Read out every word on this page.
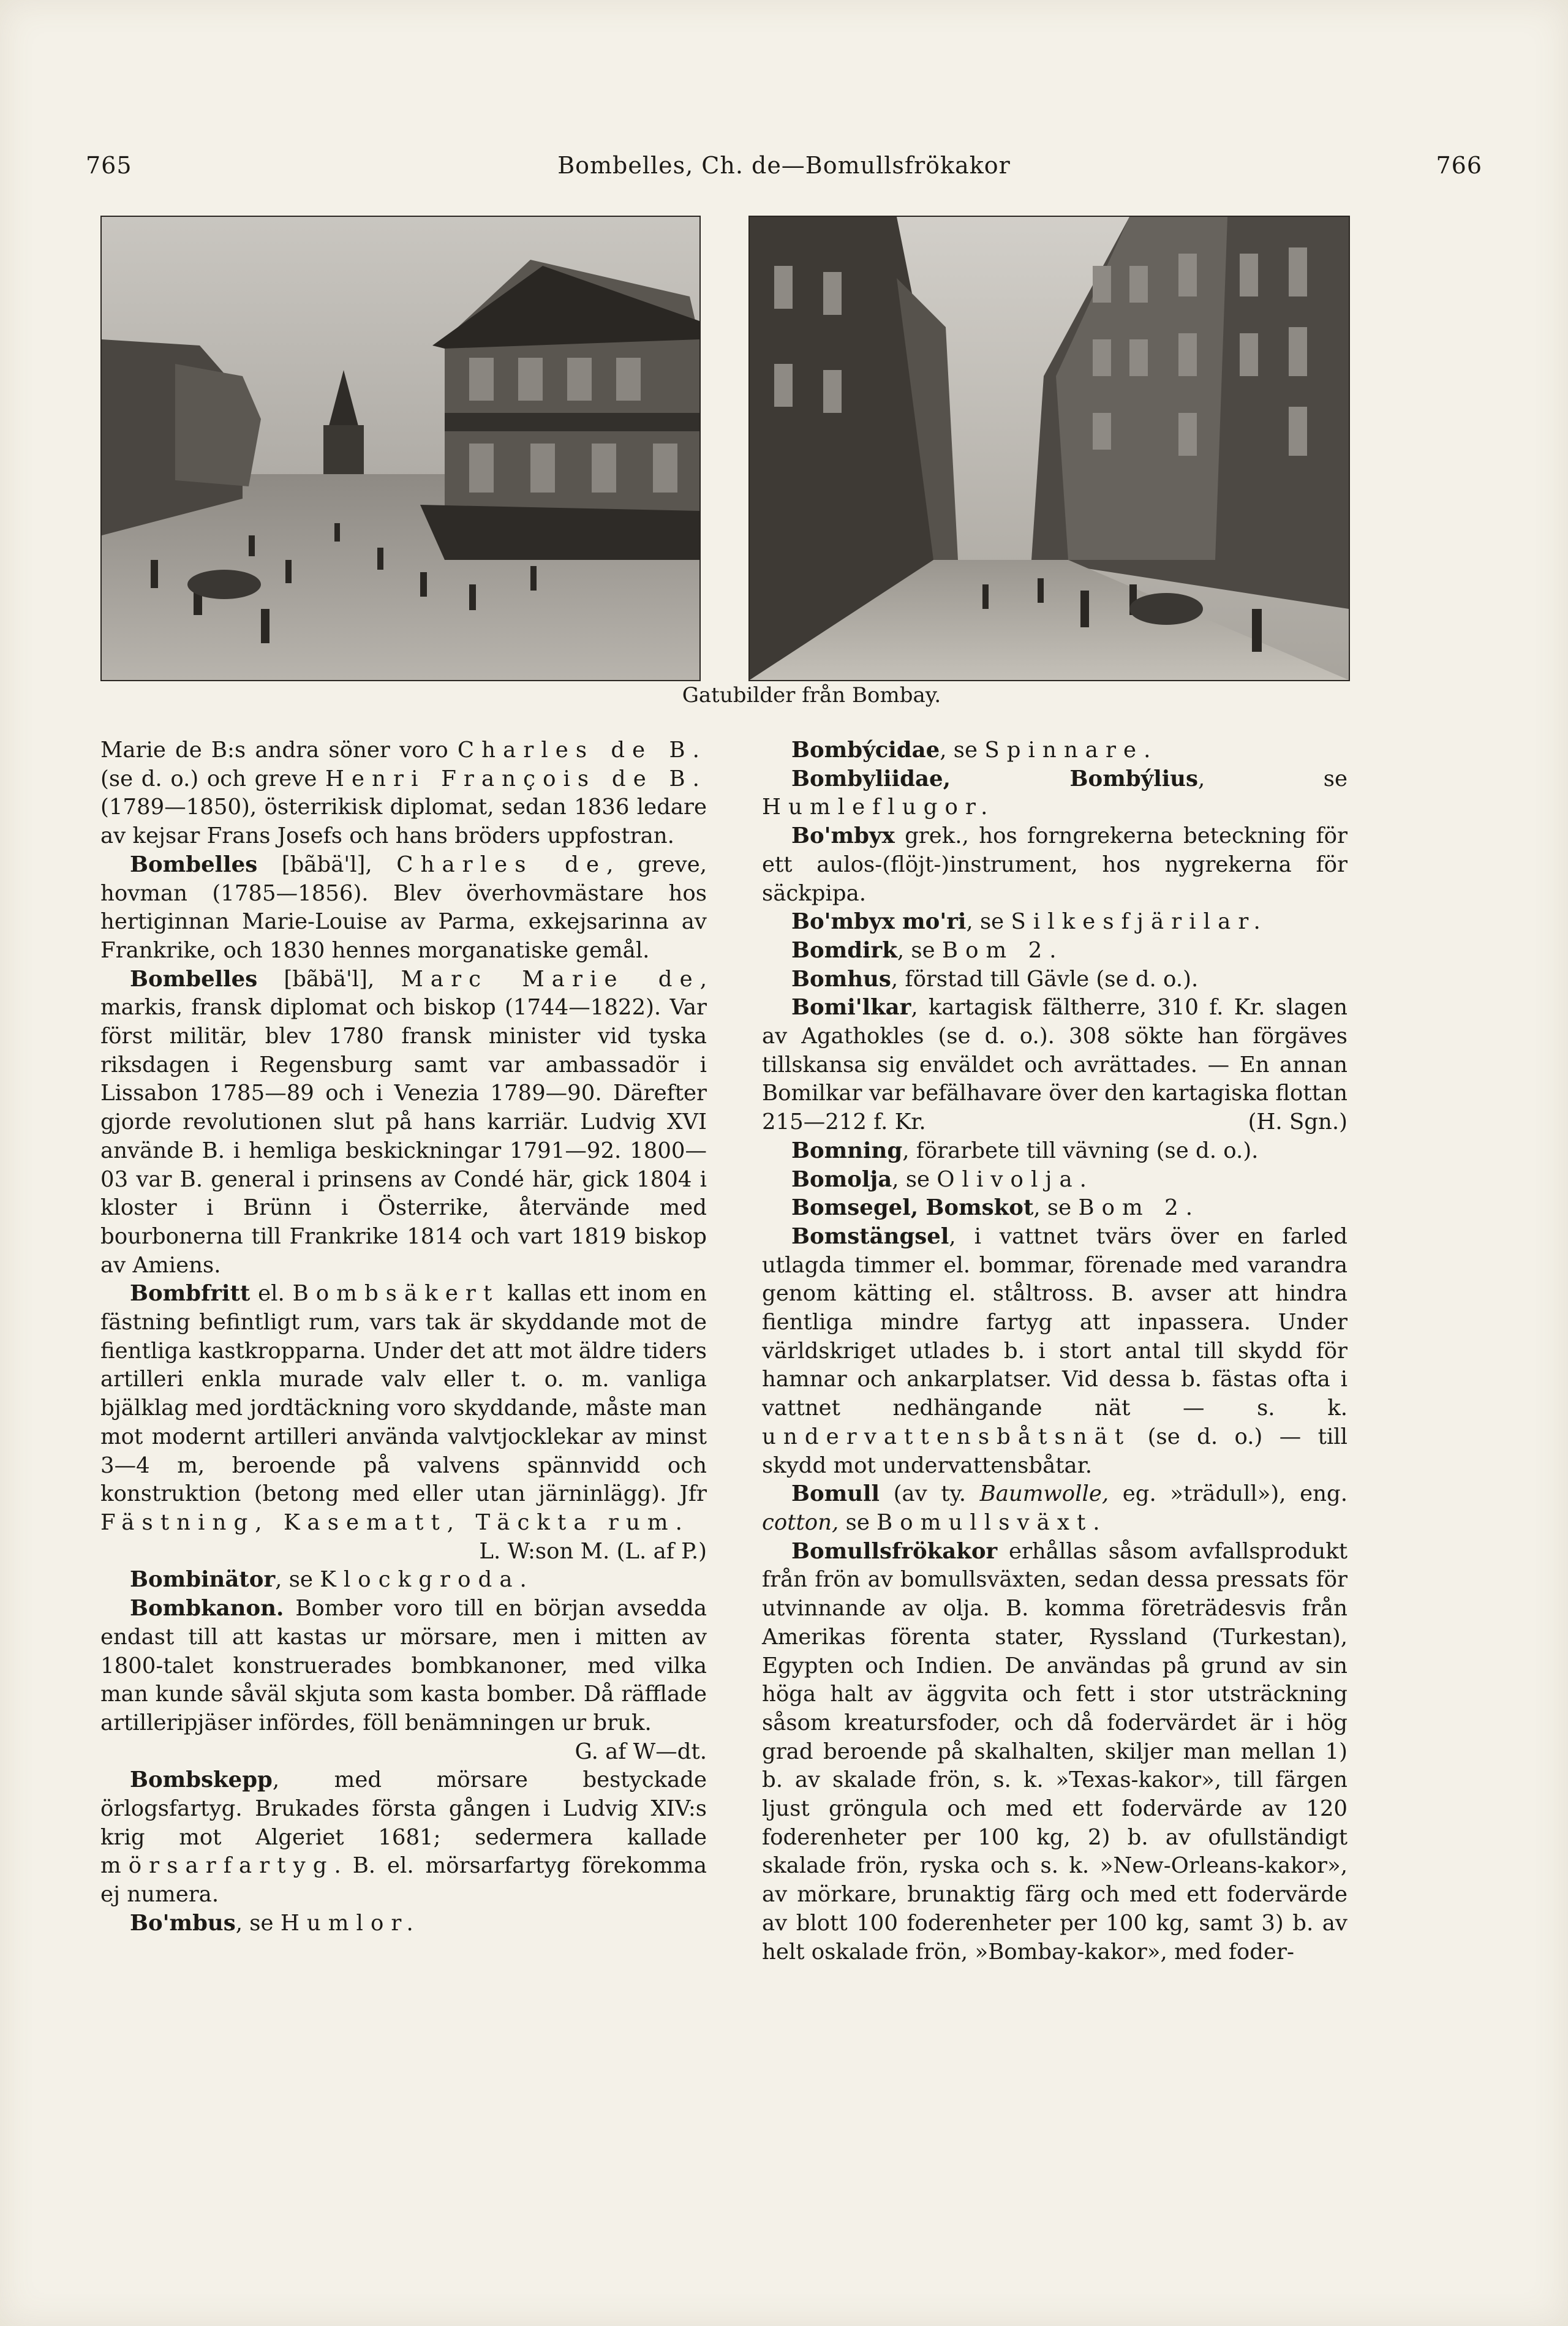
765	Bombelles, Ch. de—Bomullsfrökakor	766
Gatubilder från Bombay.

Marie de B:s andra söner voro Charles de B. (se d. o.) och greve Henri François de B. (1789—1850), österrikisk diplomat, sedan 1836 ledare av kejsar Frans Josefs och hans bröders uppfostran.

Bombelles [bãbä'l], Charles de, greve, hovman (1785—1856). Blev överhovmästare hos hertiginnan Marie-Louise av Parma, exkejsarinna av Frankrike, och 1830 hennes morganatiske gemål.

Bombelles [bãbä'l], Marc Marie de, markis, fransk diplomat och biskop (1744—1822). Var först militär, blev 1780 fransk minister vid tyska riksdagen i Regensburg samt var ambassadör i Lissabon 1785—89 och i Venezia 1789—90. Därefter gjorde revolutionen slut på hans karriär. Ludvig XVI använde B. i hemliga beskickningar 1791—92. 1800—03 var B. general i prinsens av Condé här, gick 1804 i kloster i Brünn i Österrike, återvände med bourbonerna till Frankrike 1814 och vart 1819 biskop av Amiens.

Bombfritt el. Bombsäkert kallas ett inom en fästning befintligt rum, vars tak är skyddande mot de fientliga kastkropparna. Under det att mot äldre tiders artilleri enkla murade valv eller t. o. m. vanliga bjälklag med jordtäckning voro skyddande, måste man mot modernt artilleri använda valvtjocklekar av minst 3—4 m, beroende på valvens spännvidd och konstruktion (betong med eller utan järninlägg). Jfr Fästning, Kasematt, Täckta rum.
L. W:son M. (L. af P.)

Bombinätor, se Klockgroda.

Bombkanon. Bomber voro till en början avsedda endast till att kastas ur mörsare, men i mitten av 1800-talet konstruerades bombkanoner, med vilka man kunde såväl skjuta som kasta bomber. Då räfflade artilleripjäser infördes, föll benämningen ur bruk.
G. af W—dt.

Bombskepp, med mörsare bestyckade örlogsfartyg. Brukades första gången i Ludvig XIV:s krig mot Algeriet 1681; sedermera kallade mörsarfartyg. B. el. mörsarfartyg förekomma ej numera.

Bo'mbus, se Humlor.

Bombýcidae, se Spinnare.

Bombyliidae, Bombýlius, se Humleflugor.

Bo'mbyx grek., hos forngrekerna beteckning för ett aulos-(flöjt-)instrument, hos nygrekerna för säckpipa.

Bo'mbyx mo'ri, se Silkesfjärilar.

Bomdirk, se Bom 2.

Bomhus, förstad till Gävle (se d. o.).

Bomi'lkar, kartagisk fältherre, 310 f. Kr. slagen av Agathokles (se d. o.). 308 sökte han förgäves tillskansa sig enväldet och avrättades. — En annan Bomilkar var befälhavare över den kartagiska flottan 215—212 f. Kr.	(H. Sgn.)

Bomning, förarbete till vävning (se d. o.).

Bomolja, se Olivolja.

Bomsegel, Bomskot, se Bom 2.

Bomstängsel, i vattnet tvärs över en farled utlagda timmer el. bommar, förenade med varandra genom kätting el. ståltross. B. avser att hindra fientliga mindre fartyg att inpassera. Under världskriget utlades b. i stort antal till skydd för hamnar och ankarplatser. Vid dessa b. fästas ofta i vattnet nedhängande nät — s. k. undervattensbåtsnät (se d. o.) — till skydd mot undervattensbåtar.

Bomull (av ty. Baumwolle, eg. »trädull»), eng. cotton, se Bomullsväxt.

Bomullsfrökakor erhållas såsom avfallsprodukt från frön av bomullsväxten, sedan dessa pressats för utvinnande av olja. B. komma företrädesvis från Amerikas förenta stater, Ryssland (Turkestan), Egypten och Indien. De användas på grund av sin höga halt av äggvita och fett i stor utsträckning såsom kreatursfoder, och då fodervärdet är i hög grad beroende på skalhalten, skiljer man mellan 1) b. av skalade frön, s. k. »Texas-kakor», till färgen ljust gröngula och med ett fodervärde av 120 foderenheter per 100 kg, 2) b. av ofullständigt skalade frön, ryska och s. k. »New-Orleans-kakor», av mörkare, brunaktig färg och med ett fodervärde av blott 100 foderenheter per 100 kg, samt 3) b. av helt oskalade frön, »Bombay-kakor», med foder-
